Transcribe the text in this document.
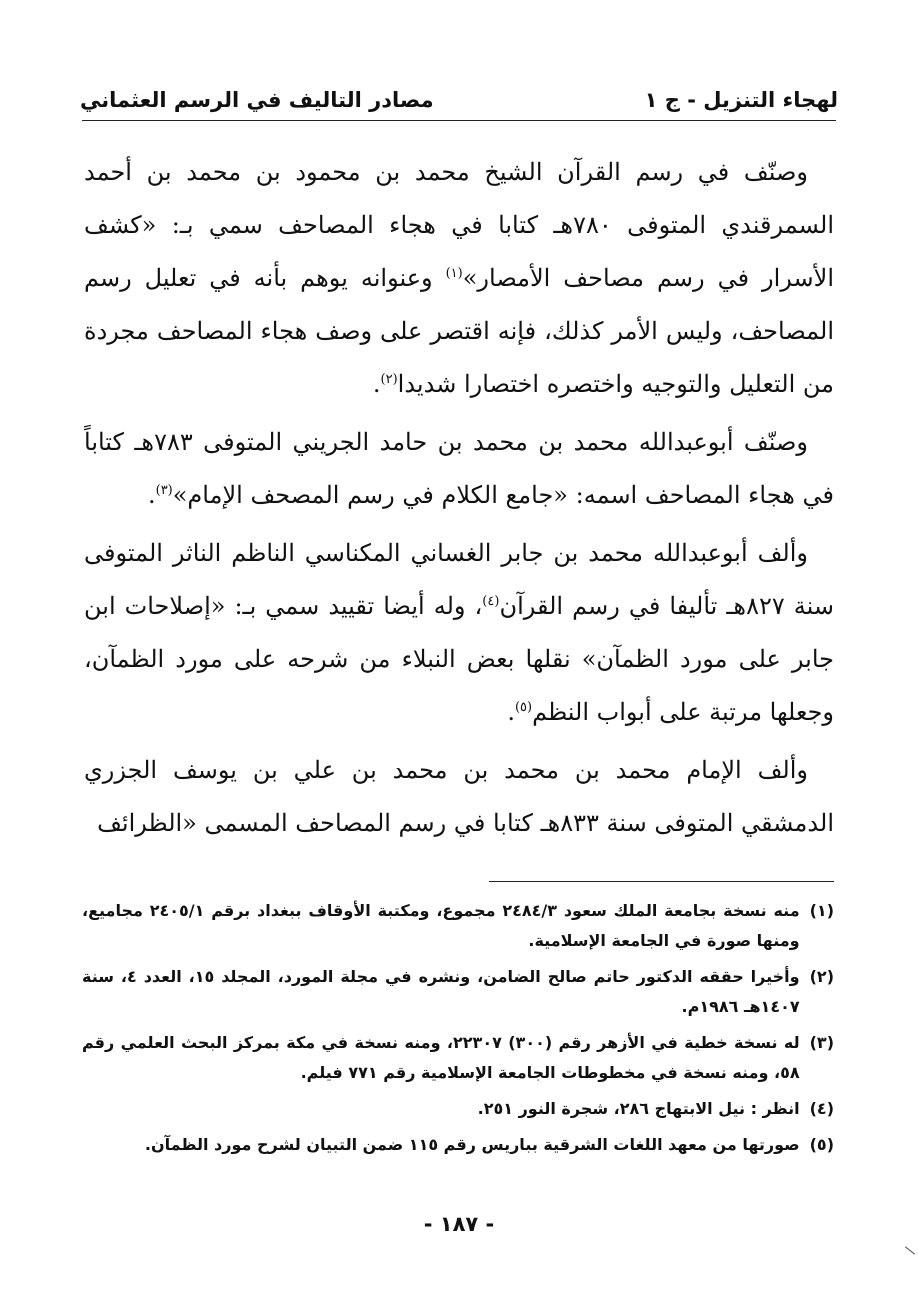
لهجاء التنزيل - ج ١
مصادر التاليف في الرسم العثماني

وصنّف في رسم القرآن الشيخ محمد بن محمود بن محمد بن أحمد السمرقندي المتوفى ٧٨٠هـ كتابا في هجاء المصاحف سمي بـ: «كشف الأسرار في رسم مصاحف الأمصار»$^{(١)}$ وعنوانه يوهم بأنه في تعليل رسم المصاحف، وليس الأمر كذلك، فإنه اقتصر على وصف هجاء المصاحف مجردة من التعليل والتوجيه واختصره اختصارا شديدا$^{(٢)}$.

وصنّف أبوعبدالله محمد بن محمد بن حامد الجريني المتوفى ٧٨٣هـ كتاباً في هجاء المصاحف اسمه: «جامع الكلام في رسم المصحف الإمام»$^{(٣)}$.

وألف أبوعبدالله محمد بن جابر الغساني المكناسي الناظم الناثر المتوفى سنة ٨٢٧هـ تأليفا في رسم القرآن$^{(٤)}$، وله أيضا تقييد سمي بـ: «إصلاحات ابن جابر على مورد الظمآن» نقلها بعض النبلاء من شرحه على مورد الظمآن، وجعلها مرتبة على أبواب النظم$^{(٥)}$.

وألف الإمام محمد بن محمد بن محمد بن علي بن يوسف الجزري الدمشقي المتوفى سنة ٨٣٣هـ كتابا في رسم المصاحف المسمى «الظرائف

(١)
منه نسخة بجامعة الملك سعود ٢٤٨٤/٣ مجموع، ومكتبة الأوقاف ببغداد برقم ٢٤٠٥/١ مجاميع، ومنها صورة في الجامعة الإسلامية.
(٢)
وأخيرا حققه الدكتور حاتم صالح الضامن، ونشره في مجلة المورد، المجلد ١٥، العدد ٤، سنة ١٤٠٧هـ ١٩٨٦م.
(٣)
له نسخة خطية في الأزهر رقم (٣٠٠) ٢٢٣٠٧، ومنه نسخة في مكة بمركز البحث العلمي رقم ٥٨، ومنه نسخة في مخطوطات الجامعة الإسلامية رقم ٧٧١ فيلم.
(٤)
انظر : نيل الابتهاج ٢٨٦، شجرة النور ٢٥١.
(٥)
صورتها من معهد اللغات الشرقية بباريس رقم ١١٥ ضمن التبيان لشرح مورد الظمآن.
- ١٨٧ -
